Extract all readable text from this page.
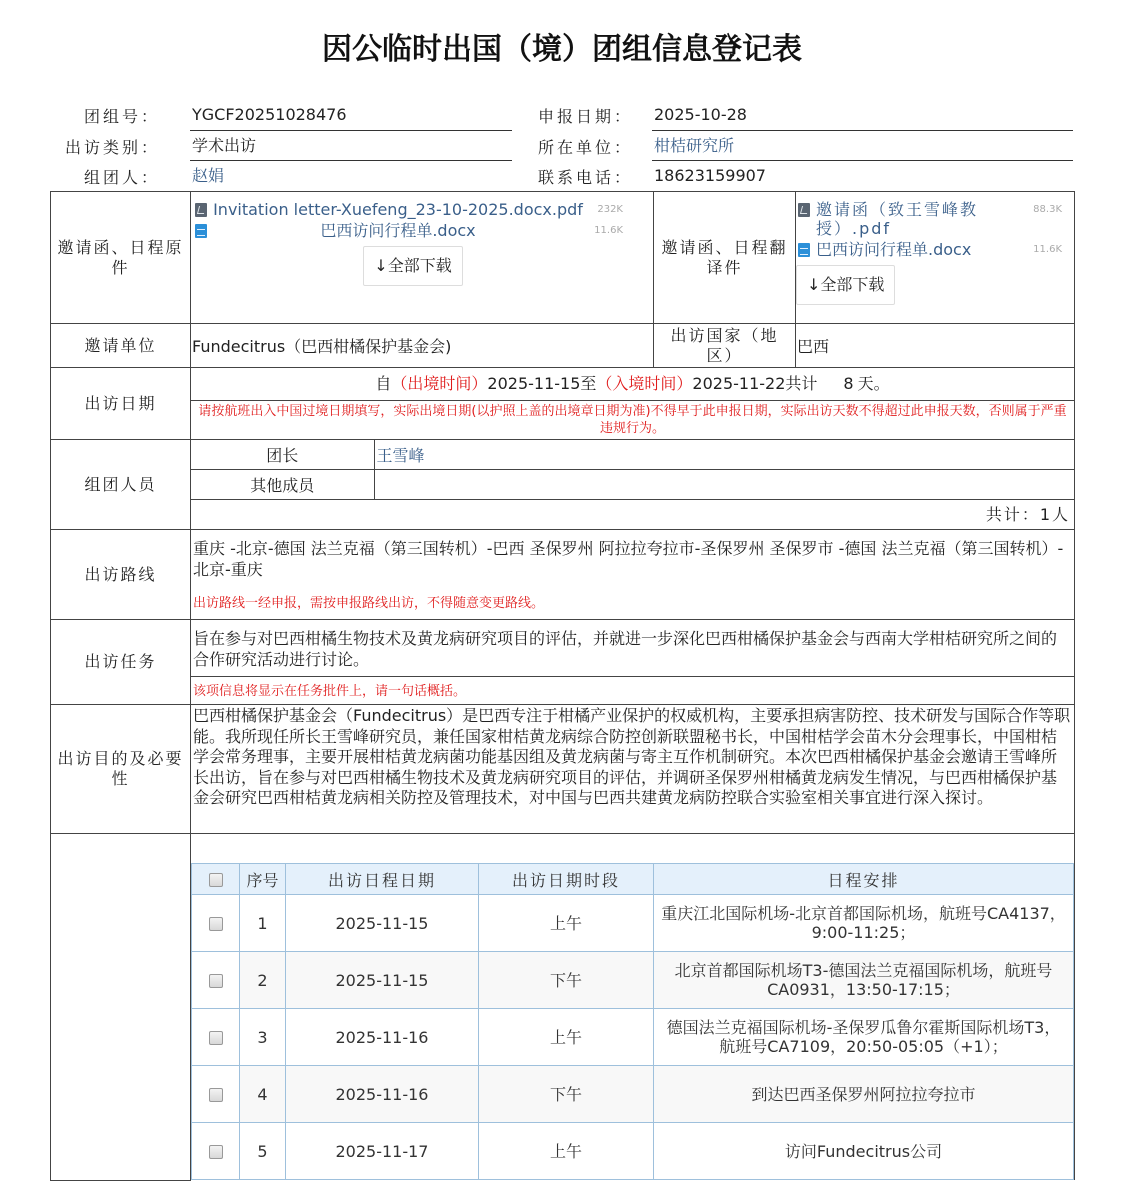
因公临时出国（境）团组信息登记表
团组号： YGCF20251028476
出访类别： 学术出访
组团人： 赵娟
申报日期：	2025-10-28
所在单位：	柑桔研究所
联系电话：	18623159907
邀请函、日程原件	
Invitation letter-Xuefeng_23-10-2025.docx.pdf	232K
巴西访问行程单.docx	11.6K
↓全部下载
	邀请函、日程翻译件	
邀请函（致王雪峰教授）.pdf
88.3K
巴西访问行程单.docx	11.6K
↓全部下载

邀请单位	Fundecitrus（巴西柑橘保护基金会)	出访国家（地区）	巴西
出访日期	
自（出境时间）2025-11-15至（入境时间）2025-11-22共计 8 天。
请按航班出入中国过境日期填写，实际出境日期(以护照上盖的出境章日期为准)不得早于此申报日期，实际出访天数不得超过此申报天数，否则属于严重违规行为。

组团人员	
团长	王雪峰
其他成员	
共计：1人

出访路线	
重庆 -北京-德国 法兰克福（第三国转机）-巴西 圣保罗州 阿拉拉夸拉市-圣保罗州 圣保罗市 -德国 法兰克福（第三国转机）-北京-重庆
出访路线一经申报，需按申报路线出访，不得随意变更路线。

出访任务	
旨在参与对巴西柑橘生物技术及黄龙病研究项目的评估，并就进一步深化巴西柑橘保护基金会与西南大学柑桔研究所之间的合作研究活动进行讨论。
该项信息将显示在任务批件上，请一句话概括。

出访目的及必要性	
巴西柑橘保护基金会（Fundecitrus）是巴西专注于柑橘产业保护的权威机构，主要承担病害防控、技术研发与国际合作等职能。我所现任所长王雪峰研究员，兼任国家柑桔黄龙病综合防控创新联盟秘书长，中国柑桔学会苗木分会理事长，中国柑桔学会常务理事，主要开展柑桔黄龙病菌功能基因组及黄龙病菌与寄主互作机制研究。本次巴西柑橘保护基金会邀请王雪峰所长出访，旨在参与对巴西柑橘生物技术及黄龙病研究项目的评估，并调研圣保罗州柑橘黄龙病发生情况，与巴西柑橘保护基金会研究巴西柑桔黄龙病相关防控及管理技术，对中国与巴西共建黄龙病防控联合实验室相关事宜进行深入探讨。

	序号	出访日程日期	出访日期时段	日程安排
	1	2025-11-15	上午	重庆江北国际机场-北京首都国际机场，航班号CA4137，9:00-11:25；
	2	2025-11-15	下午	北京首都国际机场T3-德国法兰克福国际机场，航班号CA0931，13:50-17:15；
	3	2025-11-16	上午	德国法兰克福国际机场-圣保罗瓜鲁尔霍斯国际机场T3，航班号CA7109，20:50-05:05（+1）；
	4	2025-11-16	下午	到达巴西圣保罗州阿拉拉夸拉市
	5	2025-11-17	上午	访问Fundecitrus公司
